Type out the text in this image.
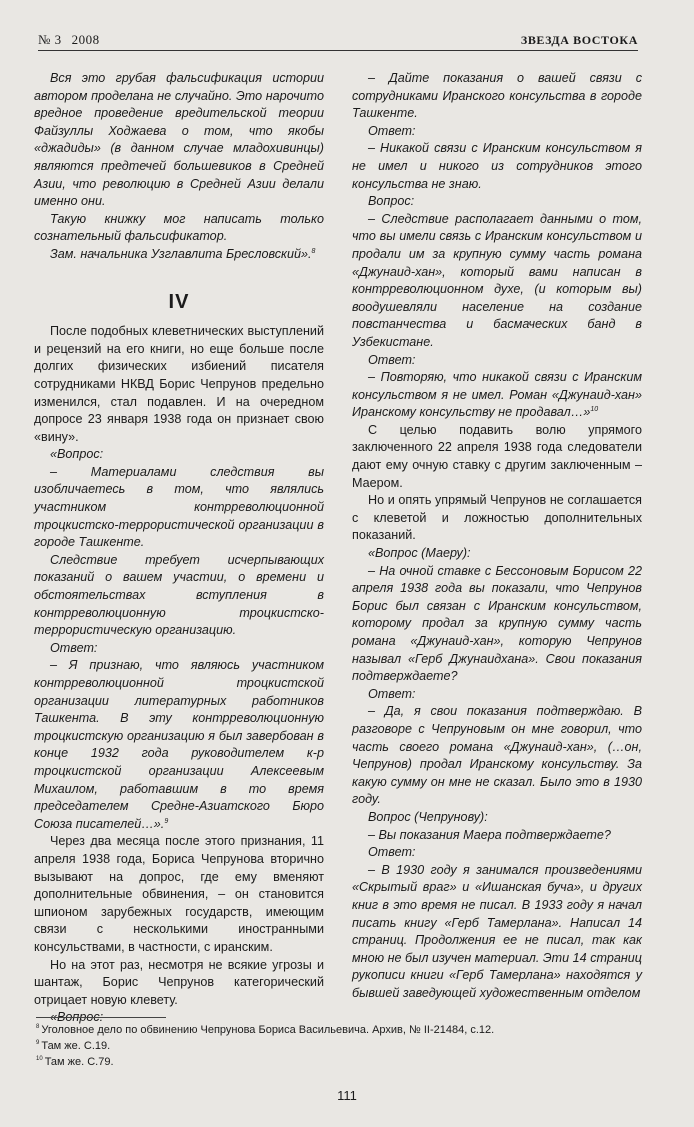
№ 3 2008	ЗВЕЗДА ВОСТОКА

Вся это грубая фальсификация истории автором проделана не случайно. Это нарочито вредное проведение вредительской теории Файзуллы Ходжаева о том, что якобы «джадиды» (в данном случае младохивинцы) являются предтечей большевиков в Средней Азии, что революцию в Средней Азии делали именно они.

Такую книжку мог написать только сознательный фальсификатор.

Зам. начальника Узглавлита Бресловский».$^8$

IV

После подобных клеветнических выступлений и рецензий на его книги, но еще больше после долгих физических избиений писателя сотрудниками НКВД Борис Чепрунов предельно изменился, стал подавлен. И на очередном допросе 23 января 1938 года он признает свою «вину».

«Вопрос:

– Материалами следствия вы изобличаетесь в том, что являлись участником контрреволюционной троцкистско-террористической организации в городе Ташкенте.

Следствие требует исчерпывающих показаний о вашем участии, о времени и обстоятельствах вступления в контрреволюционную троцкистско-террористическую организацию.

Ответ:

– Я признаю, что являюсь участником контрреволюционной троцкистской организации литературных работников Ташкента. В эту контрреволюционную троцкистскую организацию я был завербован в конце 1932 года руководителем к-р троцкистской организации Алексеевым Михаилом, работавшим в то время председателем Средне-Азиатского Бюро Союза писателей…».$^9$

Через два месяца после этого признания, 11 апреля 1938 года, Бориса Чепрунова вторично вызывают на допрос, где ему вменяют дополнительные обвинения, – он становится шпионом зарубежных государств, имеющим связи с несколькими иностранными консульствами, в частности, с иранским.

Но на этот раз, несмотря не всякие угрозы и шантаж, Борис Чепрунов категорический отрицает новую клевету.

«Вопрос:

– Дайте показания о вашей связи с сотрудниками Иранского консульства в городе Ташкенте.

Ответ:

– Никакой связи с Иранским консульством я не имел и никого из сотрудников этого консульства не знаю.

Вопрос:

– Следствие располагает данными о том, что вы имели связь с Иранским консульством и продали им за крупную сумму часть романа «Джунаид-хан», который вами написан в контрреволюционном духе, (и которым вы) воодушевляли население на создание повстанчества и басмаческих банд в Узбекистане.

Ответ:

– Повторяю, что никакой связи с Иранским консульством я не имел. Роман «Джунаид-хан» Иранскому консульству не продавал…»$^{10}$

С целью подавить волю упрямого заключенного 22 апреля 1938 года следователи дают ему очную ставку с другим заключенным – Маером.

Но и опять упрямый Чепрунов не соглашается с клеветой и ложностью дополнительных показаний.

«Вопрос (Маеру):

– На очной ставке с Бессоновым Борисом 22 апреля 1938 года вы показали, что Чепрунов Борис был связан с Иранским консульством, которому продал за крупную сумму часть романа «Джунаид-хан», которую Чепрунов называл «Герб Джунаидхана». Свои показания подтверждаете?

Ответ:

– Да, я свои показания подтверждаю. В разговоре с Чепруновым он мне говорил, что часть своего романа «Джунаид-хан», (…он, Чепрунов) продал Иранскому консульству. За какую сумму он мне не сказал. Было это в 1930 году.

Вопрос (Чепрунову):

– Вы показания Маера подтверждаете?

Ответ:

– В 1930 году я занимался произведениями «Скрытый враг» и «Ишанская буча», и других книг в это время не писал. В 1933 году я начал писать книгу «Герб Тамерлана». Написал 14 страниц. Продолжения ее не писал, так как мною не был изучен материал. Эти 14 страниц рукописи книги «Герб Тамерлана» находятся у бывшей заведующей художественным отделом

$^8$ Уголовное дело по обвинению Чепрунова Бориса Васильевича. Архив, № II-21484, с.12.
$^9$ Там же. С.19.
$^{10}$ Там же. С.79.
111
